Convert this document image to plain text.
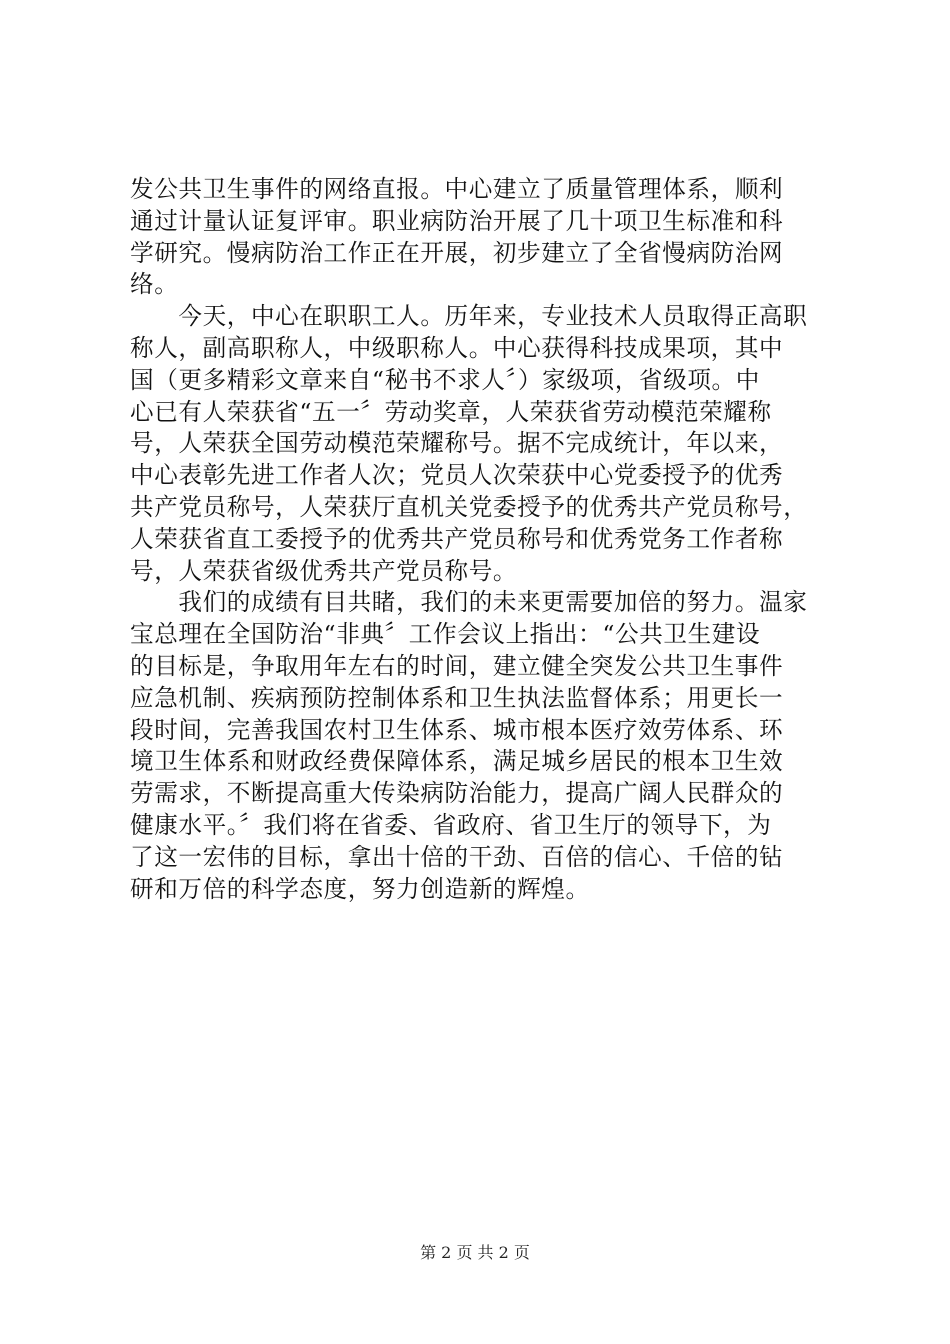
发公共卫生事件的网络直报。中心建立了质量管理体系，顺利
通过计量认证复评审。职业病防治开展了几十项卫生标准和科
学研究。慢病防治工作正在开展，初步建立了全省慢病防治网
络。
　　今天，中心在职职工人。历年来，专业技术人员取得正高职
称人，副高职称人，中级职称人。中心获得科技成果项，其中
国（更多精彩文章来自“秘书不求人〞）家级项，省级项。中
心已有人荣获省“五一〞劳动奖章，人荣获省劳动模范荣耀称
号，人荣获全国劳动模范荣耀称号。据不完成统计，年以来，
中心表彰先进工作者人次；党员人次荣获中心党委授予的优秀
共产党员称号，人荣获厅直机关党委授予的优秀共产党员称号，
人荣获省直工委授予的优秀共产党员称号和优秀党务工作者称
号，人荣获省级优秀共产党员称号。
　　我们的成绩有目共睹，我们的未来更需要加倍的努力。温家
宝总理在全国防治“非典〞工作会议上指出：“公共卫生建设
的目标是，争取用年左右的时间，建立健全突发公共卫生事件
应急机制、疾病预防控制体系和卫生执法监督体系；用更长一
段时间，完善我国农村卫生体系、城市根本医疗效劳体系、环
境卫生体系和财政经费保障体系，满足城乡居民的根本卫生效
劳需求，不断提高重大传染病防治能力，提高广阔人民群众的
健康水平。〞我们将在省委、省政府、省卫生厅的领导下，为
了这一宏伟的目标，拿出十倍的干劲、百倍的信心、千倍的钻
研和万倍的科学态度，努力创造新的辉煌。
第 2 页 共 2 页
